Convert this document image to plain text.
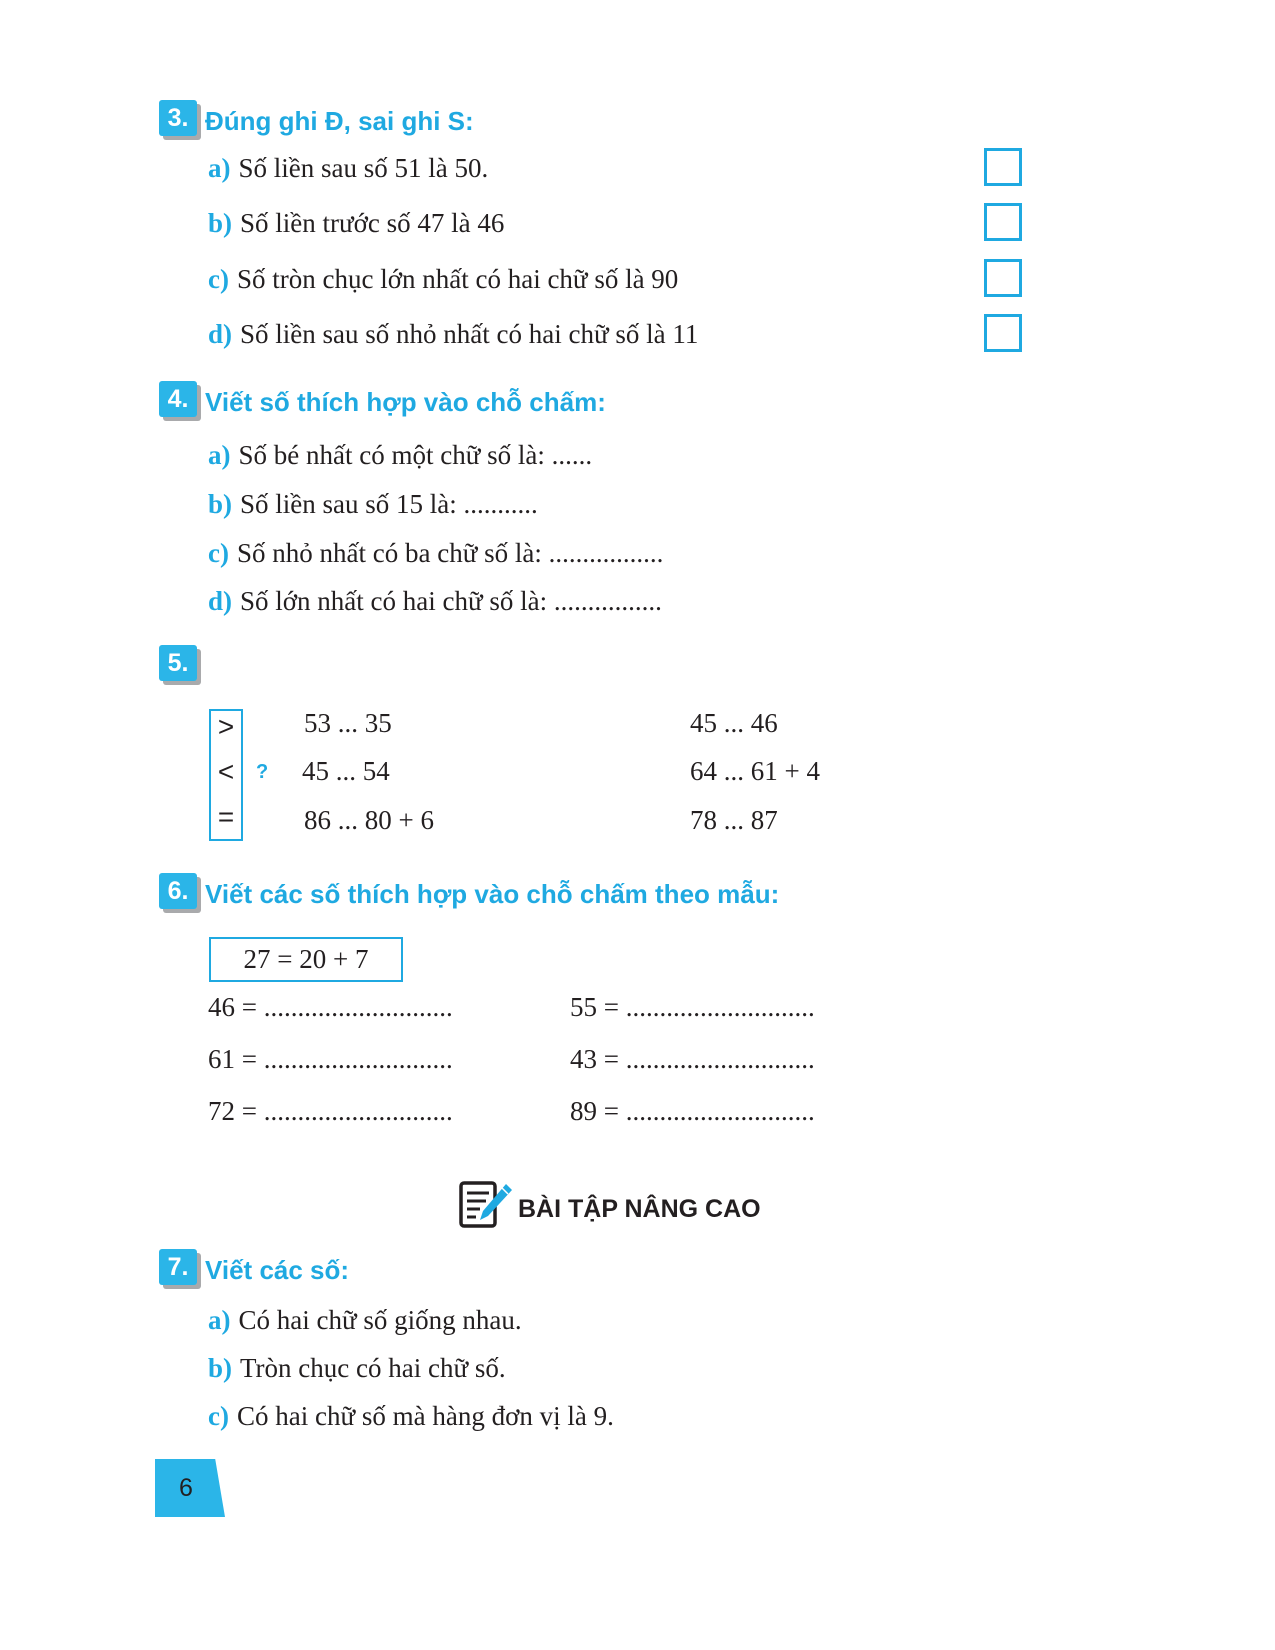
3. Đúng ghi Đ, sai ghi S:
a) Số liền sau số 51 là 50.
b) Số liền trước số 47 là 46
c) Số tròn chục lớn nhất có hai chữ số là 90
d) Số liền sau số nhỏ nhất có hai chữ số là 11
4. Viết số thích hợp vào chỗ chấm:
a) Số bé nhất có một chữ số là: ......
b) Số liền sau số 15 là: ...........
c) Số nhỏ nhất có ba chữ số là: .................
d) Số lớn nhất có hai chữ số là: ................
5.
>
<
=
?
53 ... 35
45 ... 54
86 ... 80 + 6
45 ... 46
64 ... 61 + 4
78 ... 87
6. Viết các số thích hợp vào chỗ chấm theo mẫu:
27 = 20 + 7
46 = ............................
61 = ............................
72 = ............................
55 = ............................
43 = ............................
89 = ............................
BÀI TẬP NÂNG CAO
7. Viết các số:
a) Có hai chữ số giống nhau.
b) Tròn chục có hai chữ số.
c) Có hai chữ số mà hàng đơn vị là 9.
6
